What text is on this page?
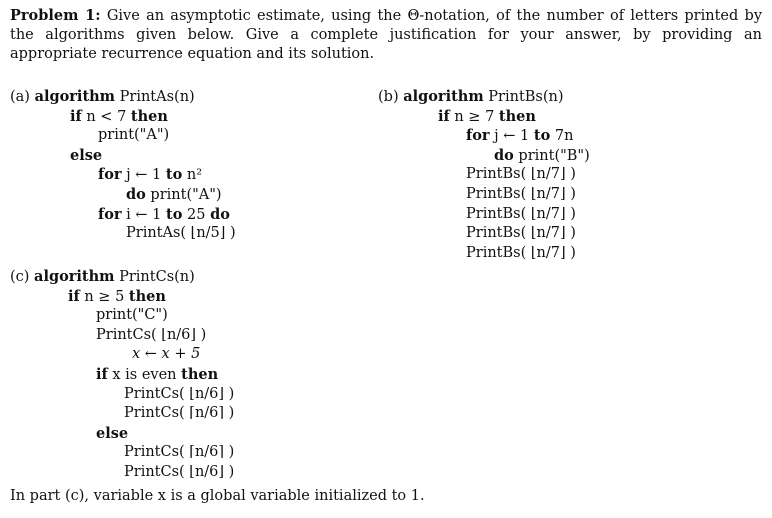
Problem 1: Give an asymptotic estimate, using the Θ-notation, of the number of letters printed by the algorithms given below. Give a complete justification for your answer, by providing an appropriate recurrence equation and its solution.
(a) algorithm PrintAs(n)
if n < 7 then
print("A")
else
for j ← 1 to n²
do print("A")
for i ← 1 to 25 do
PrintAs( ⌊n/5⌋ )
(b) algorithm PrintBs(n)
if n ≥ 7 then
for j ← 1 to 7n
do print("B")
PrintBs( ⌊n/7⌋ )
PrintBs( ⌊n/7⌋ )
PrintBs( ⌊n/7⌋ )
PrintBs( ⌊n/7⌋ )
PrintBs( ⌊n/7⌋ )
(c) algorithm PrintCs(n)
if n ≥ 5 then
print("C")
PrintCs( ⌊n/6⌋ )
x ← x + 5
if x is even then
PrintCs( ⌊n/6⌋ )
PrintCs( ⌈n/6⌉ )
else
PrintCs( ⌈n/6⌉ )
PrintCs( ⌊n/6⌋ )
In part (c), variable x is a global variable initialized to 1.
